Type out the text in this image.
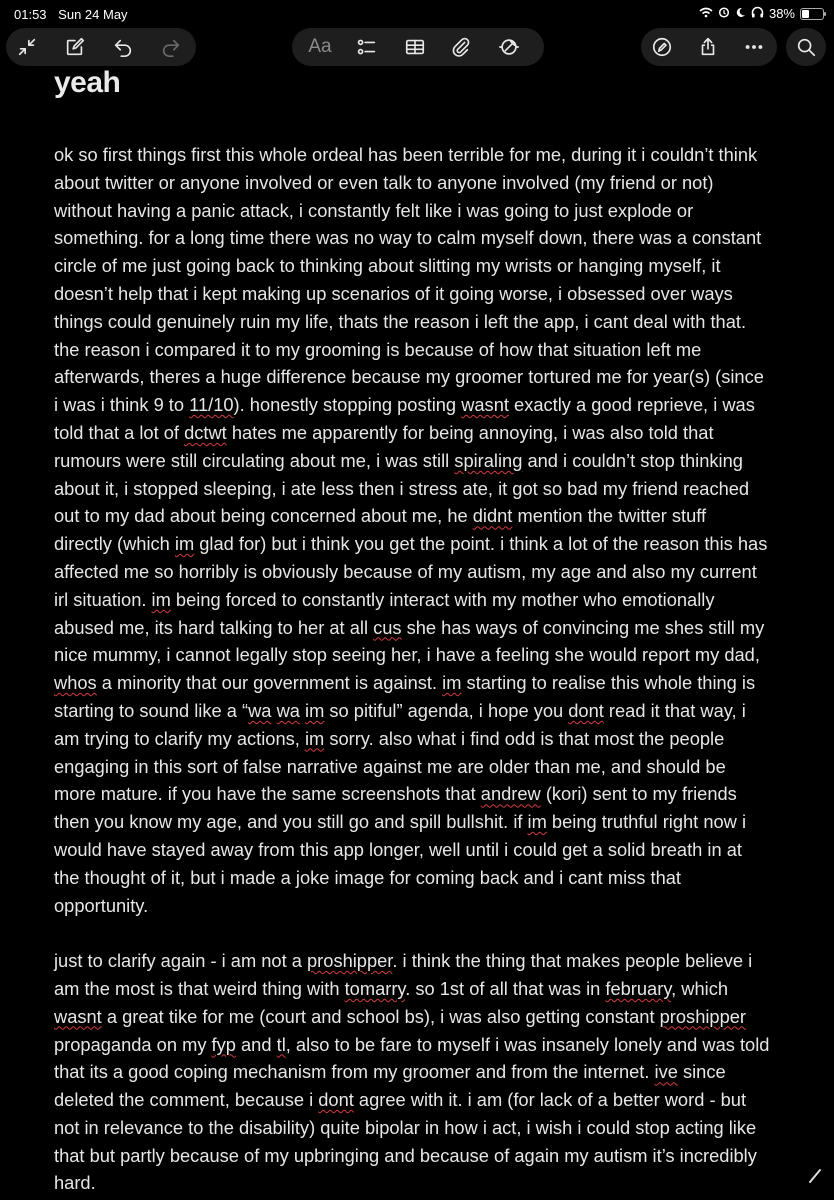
01:53 Sun 24 May	38%
Aa
yeah
ok so first things first this whole ordeal has been terrible for me, during it i couldn’t think
about twitter or anyone involved or even talk to anyone involved (my friend or not)
without having a panic attack, i constantly felt like i was going to just explode or
something. for a long time there was no way to calm myself down, there was a constant
circle of me just going back to thinking about slitting my wrists or hanging myself, it
doesn’t help that i kept making up scenarios of it going worse, i obsessed over ways
things could genuinely ruin my life, thats the reason i left the app, i cant deal with that.
the reason i compared it to my grooming is because of how that situation left me
afterwards, theres a huge difference because my groomer tortured me for year(s) (since
i was i think 9 to 11/10). honestly stopping posting wasnt exactly a good reprieve, i was
told that a lot of dctwt hates me apparently for being annoying, i was also told that
rumours were still circulating about me, i was still spiraling and i couldn’t stop thinking
about it, i stopped sleeping, i ate less then i stress ate, it got so bad my friend reached
out to my dad about being concerned about me, he didnt mention the twitter stuff
directly (which im glad for) but i think you get the point. i think a lot of the reason this has
affected me so horribly is obviously because of my autism, my age and also my current
irl situation. im being forced to constantly interact with my mother who emotionally
abused me, its hard talking to her at all cus she has ways of convincing me shes still my
nice mummy, i cannot legally stop seeing her, i have a feeling she would report my dad,
whos a minority that our government is against. im starting to realise this whole thing is
starting to sound like a “wa wa im so pitiful” agenda, i hope you dont read it that way, i
am trying to clarify my actions, im sorry. also what i find odd is that most the people
engaging in this sort of false narrative against me are older than me, and should be
more mature. if you have the same screenshots that andrew (kori) sent to my friends
then you know my age, and you still go and spill bullshit. if im being truthful right now i
would have stayed away from this app longer, well until i could get a solid breath in at
the thought of it, but i made a joke image for coming back and i cant miss that
opportunity.
just to clarify again - i am not a proshipper. i think the thing that makes people believe i
am the most is that weird thing with tomarry. so 1st of all that was in february, which
wasnt a great tike for me (court and school bs), i was also getting constant proshipper
propaganda on my fyp and tl, also to be fare to myself i was insanely lonely and was told
that its a good coping mechanism from my groomer and from the internet. ive since
deleted the comment, because i dont agree with it. i am (for lack of a better word - but
not in relevance to the disability) quite bipolar in how i act, i wish i could stop acting like
that but partly because of my upbringing and because of again my autism it’s incredibly
hard.
